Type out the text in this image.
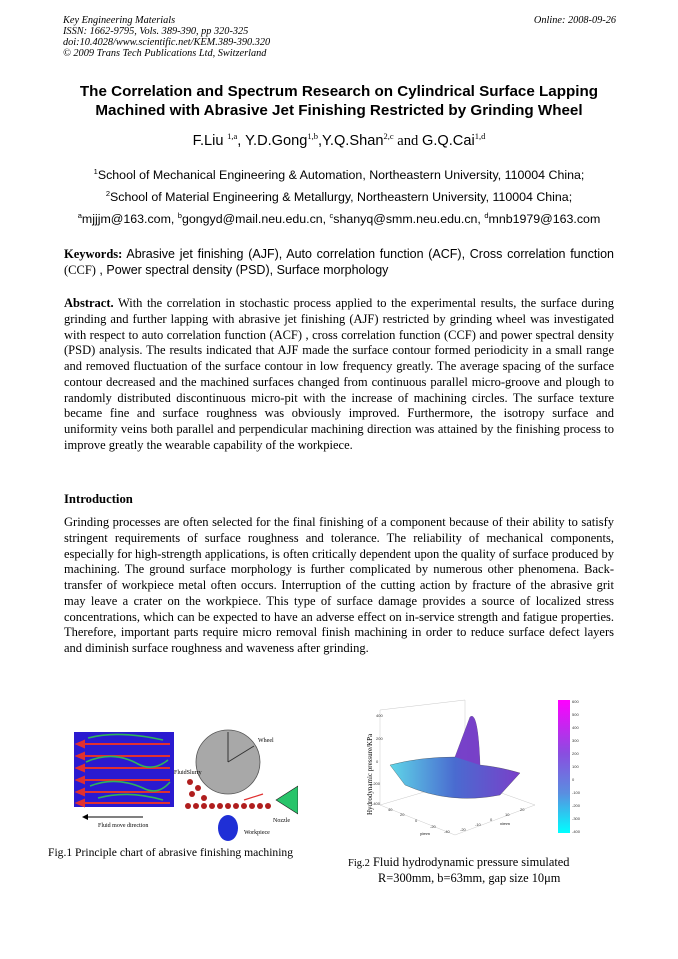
Key Engineering Materials
ISSN: 1662-9795, Vols. 389-390, pp 320-325
doi:10.4028/www.scientific.net/KEM.389-390.320
© 2009 Trans Tech Publications Ltd, Switzerland
Online: 2008-09-26
The Correlation and Spectrum Research on Cylindrical Surface Lapping
Machined with Abrasive Jet Finishing Restricted by Grinding Wheel
F.Liu $^{1,a}$, Y.D.Gong$^{1,b}$,Y.Q.Shan$^{2,c}$ and G.Q.Cai$^{1,d}$
$^1$School of Mechanical Engineering & Automation, Northeastern University, 110004 China;
$^2$School of Material Engineering & Metallurgy, Northeastern University, 110004 China;
$^a$mjjjm@163.com, $^b$gongyd@mail.neu.edu.cn, $^c$shanyq@smm.neu.edu.cn, $^d$mnb1979@163.com
Keywords: Abrasive jet finishing (AJF), Auto correlation function (ACF), Cross correlation function (CCF) , Power spectral density (PSD), Surface morphology
Abstract. With the correlation in stochastic process applied to the experimental results, the surface during grinding and further lapping with abrasive jet finishing (AJF) restricted by grinding wheel was investigated with respect to auto correlation function (ACF) , cross correlation function (CCF) and power spectral density (PSD) analysis. The results indicated that AJF made the surface contour formed periodicity in a small range and removed fluctuation of the surface contour in low frequency greatly. The average spacing of the surface contour decreased and the machined surfaces changed from continuous parallel micro-groove and plough to randomly distributed discontinuous micro-pit with the increase of machining circles. The surface texture became fine and surface roughness was obviously improved. Furthermore, the isotropy surface and uniformity veins both parallel and perpendicular machining direction was attained by the finishing process to improve greatly the wearable capability of the workpiece.
Introduction
Grinding processes are often selected for the final finishing of a component because of their ability to satisfy stringent requirements of surface roughness and tolerance. The reliability of mechanical components, especially for high-strength applications, is often critically dependent upon the quality of surface produced by machining. The ground surface morphology is further complicated by numerous other phenomena. Back-transfer of workpiece metal often occurs. Interruption of the cutting action by fracture of the abrasive grit may leave a crater on the workpiece. This type of surface damage provides a source of localized stress concentrations, which can be expected to have an adverse effect on in-service strength and fatigue properties. Therefore, important parts require micro removal finish machining in order to reduce surface defect layers and diminish surface roughness and waveness after grinding.
Wheel
FluidSlurry
Nozzle
Workpiece
Fluid move direction
Fig.1 Principle chart of abrasive finishing machining
Hydrodynamic pressure/KPa
400
200
0
-200
-400
40
20
0
-20
-40	-20
-10
0
10
20
y/mm
x/mm
600
500
400
300
200
100
0
-100
-200
-300
-400
Fig.2 Fluid hydrodynamic pressure simulated
R=300mm, b=63mm, gap size 10μm
